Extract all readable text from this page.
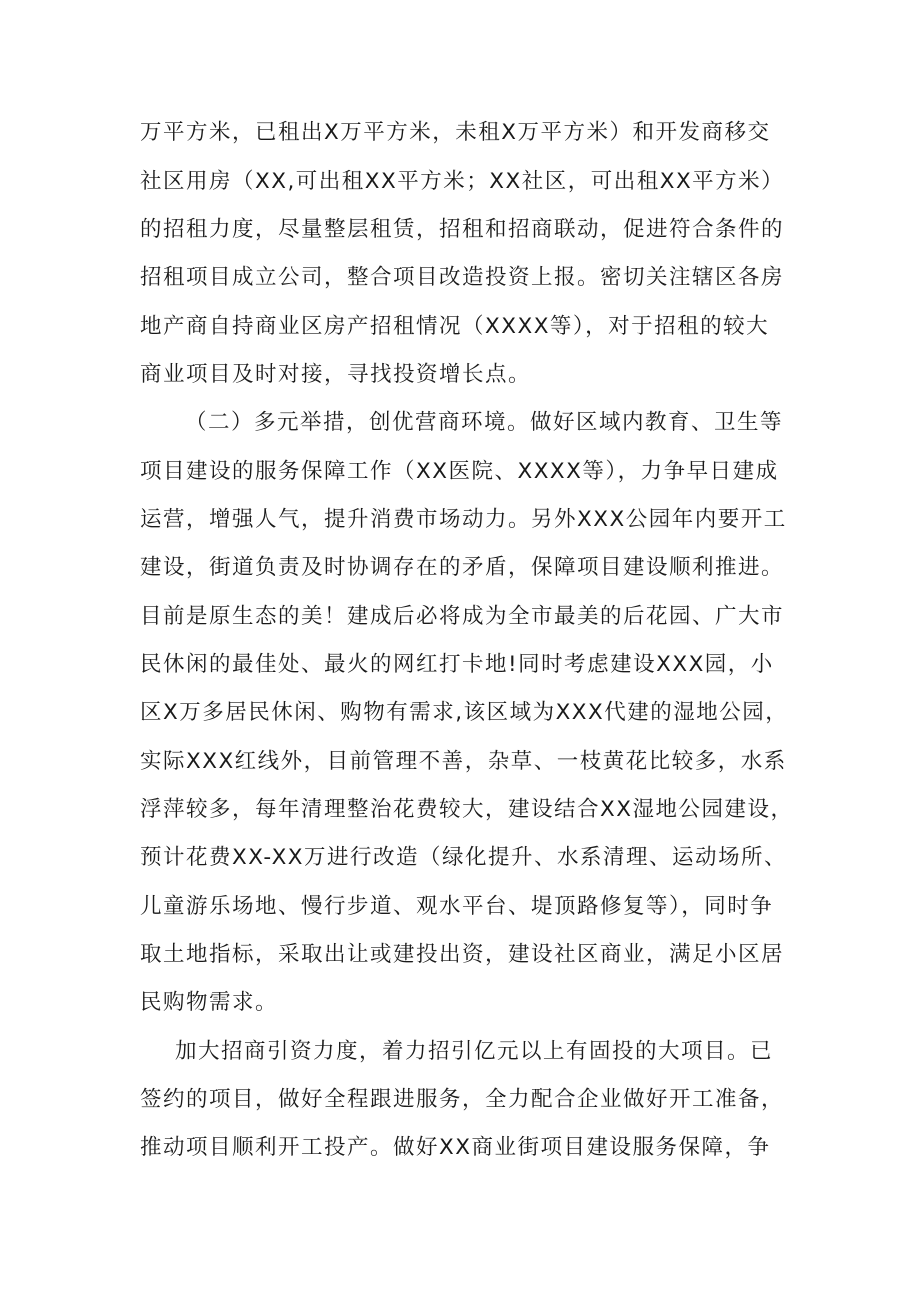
万平方米，已租出X万平方米，未租X万平方米）和开发商移交
社区用房（XX,可出租XX平方米；XX社区，可出租XX平方米）
的招租力度，尽量整层租赁，招租和招商联动，促进符合条件的
招租项目成立公司，整合项目改造投资上报。密切关注辖区各房
地产商自持商业区房产招租情况（XXXX等），对于招租的较大
商业项目及时对接，寻找投资增长点。
（二）多元举措，创优营商环境。做好区域内教育、卫生等
项目建设的服务保障工作（XX医院、XXXX等），力争早日建成
运营，增强人气，提升消费市场动力。另外XXX公园年内要开工
建设，街道负责及时协调存在的矛盾，保障项目建设顺利推进。
目前是原生态的美！建成后必将成为全市最美的后花园、广大市
民休闲的最佳处、最火的网红打卡地!同时考虑建设XXX园，小
区X万多居民休闲、购物有需求,该区域为XXX代建的湿地公园，
实际XXX红线外，目前管理不善，杂草、一枝黄花比较多，水系
浮萍较多，每年清理整治花费较大，建设结合XX湿地公园建设，
预计花费XX-XX万进行改造（绿化提升、水系清理、运动场所、
儿童游乐场地、慢行步道、观水平台、堤顶路修复等），同时争
取土地指标，采取出让或建投出资，建设社区商业，满足小区居
民购物需求。
加大招商引资力度，着力招引亿元以上有固投的大项目。已
签约的项目，做好全程跟进服务，全力配合企业做好开工准备，
推动项目顺利开工投产。做好XX商业街项目建设服务保障，争
